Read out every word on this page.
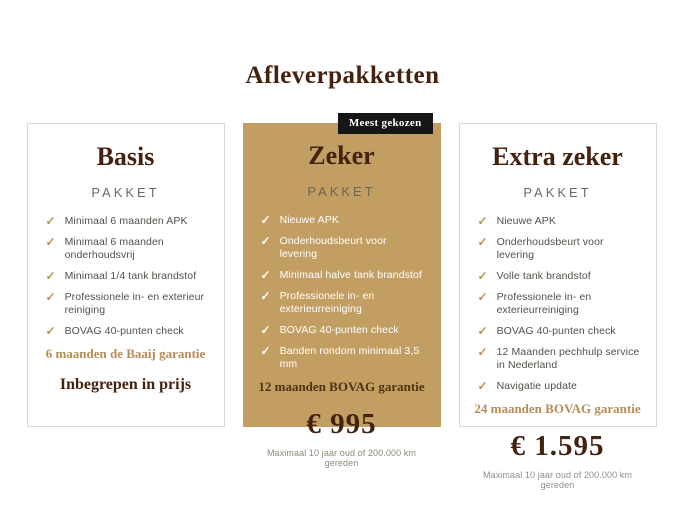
Afleverpakketten
Basis
PAKKET
✓ Minimaal 6 maanden APK
✓ Minimaal 6 maanden onderhoudsvrij
✓ Minimaal 1/4 tank brandstof
✓ Professionele in- en exterieur reiniging
✓ BOVAG 40-punten check
6 maanden de Baaij garantie
Inbegrepen in prijs
Meest gekozen
Zeker
PAKKET
✓ Nieuwe APK
✓ Onderhoudsbeurt voor levering
✓ Minimaal halve tank brandstof
✓ Professionele in- en exterieurreiniging
✓ BOVAG 40-punten check
✓ Banden rondom minimaal 3,5 mm
12 maanden BOVAG garantie
€ 995
Maximaal 10 jaar oud of 200.000 km gereden
Extra zeker
PAKKET
✓ Nieuwe APK
✓ Onderhoudsbeurt voor levering
✓ Volle tank brandstof
✓ Professionele in- en exterieurreiniging
✓ BOVAG 40-punten check
✓ 12 Maanden pechhulp service in Nederland
✓ Navigatie update
24 maanden BOVAG garantie
€ 1.595
Maximaal 10 jaar oud of 200.000 km gereden
